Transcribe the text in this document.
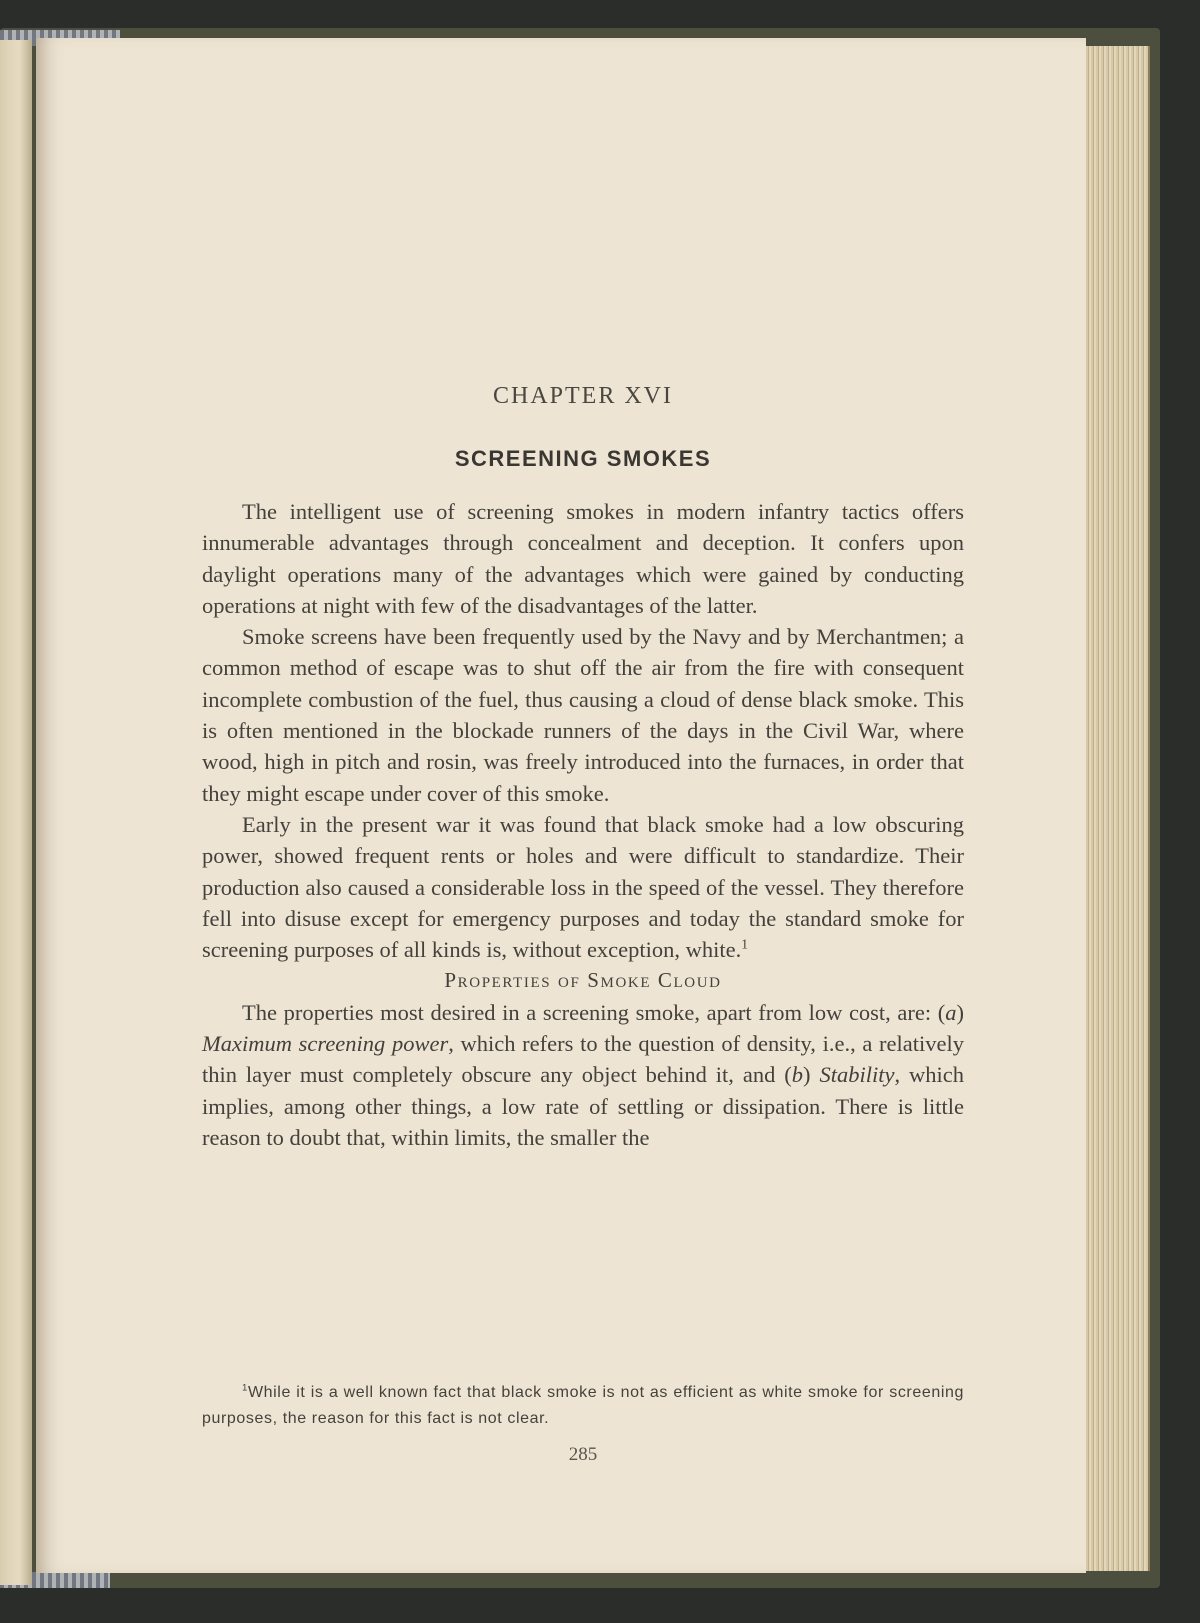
CHAPTER XVI
SCREENING SMOKES

The intelligent use of screening smokes in modern infantry tactics offers innumerable advantages through concealment and deception. It confers upon daylight operations many of the advantages which were gained by conducting operations at night with few of the disadvantages of the latter.

Smoke screens have been frequently used by the Navy and by Merchantmen; a common method of escape was to shut off the air from the fire with consequent incomplete combustion of the fuel, thus causing a cloud of dense black smoke. This is often mentioned in the blockade runners of the days in the Civil War, where wood, high in pitch and rosin, was freely introduced into the furnaces, in order that they might escape under cover of this smoke.

Early in the present war it was found that black smoke had a low obscuring power, showed frequent rents or holes and were difficult to standardize. Their production also caused a considerable loss in the speed of the vessel. They therefore fell into disuse except for emergency purposes and today the standard smoke for screening purposes of all kinds is, without exception, white.$^1$

Properties of Smoke Cloud

The properties most desired in a screening smoke, apart from low cost, are: (a) Maximum screening power, which refers to the question of density, i.e., a relatively thin layer must completely obscure any object behind it, and (b) Stability, which implies, among other things, a low rate of settling or dissipation. There is little reason to doubt that, within limits, the smaller the

$^1$While it is a well known fact that black smoke is not as efficient as white smoke for screening purposes, the reason for this fact is not clear.
285
